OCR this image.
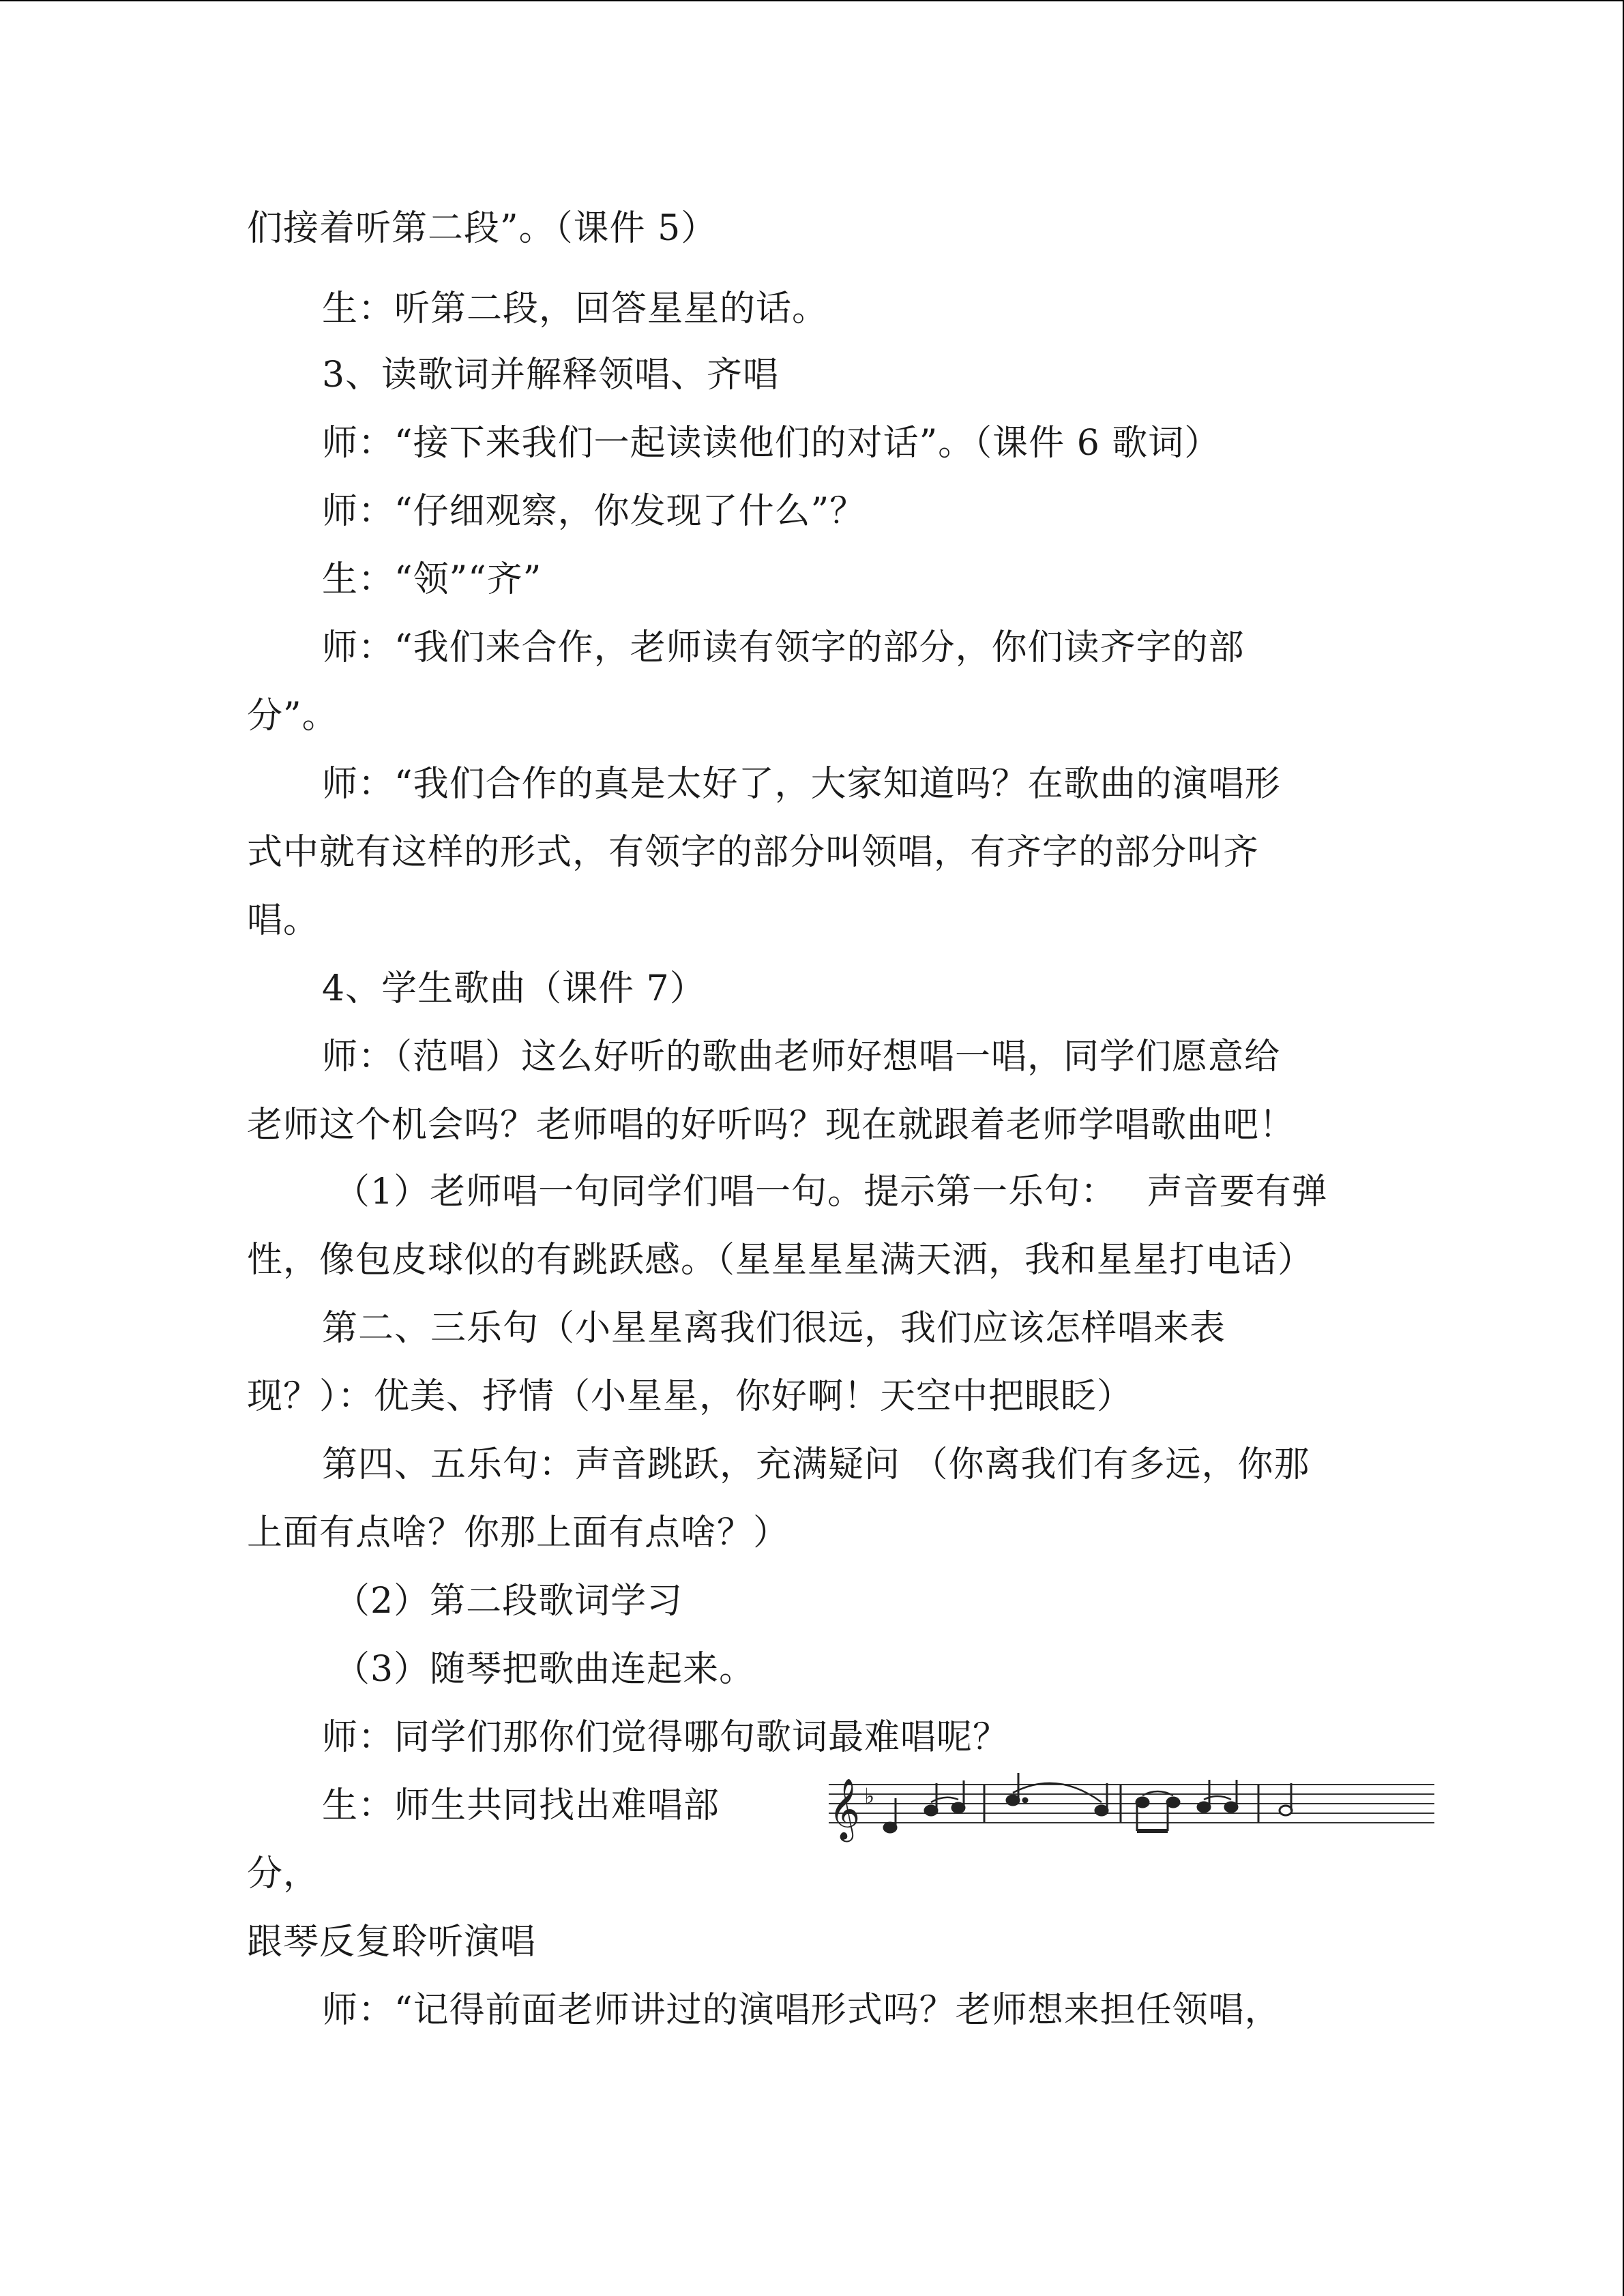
们接着听第二段”。（课件 5）
生：听第二段，回答星星的话。
3、读歌词并解释领唱、齐唱
师：“接下来我们一起读读他们的对话”。（课件 6 歌词）
师：“仔细观察，你发现了什么”？
生：“领”“齐”
师：“我们来合作，老师读有领字的部分，你们读齐字的部
分”。
师：“我们合作的真是太好了，大家知道吗？在歌曲的演唱形
式中就有这样的形式，有领字的部分叫领唱，有齐字的部分叫齐
唱。
4、学生歌曲（课件 7）
师：（范唱）这么好听的歌曲老师好想唱一唱，同学们愿意给
老师这个机会吗？老师唱的好听吗？现在就跟着老师学唱歌曲吧！
（1）老师唱一句同学们唱一句。提示第一乐句：　 声音要有弹
性，像包皮球似的有跳跃感。（星星星星满天洒，我和星星打电话）
第二、三乐句（小星星离我们很远，我们应该怎样唱来表
现？）：优美、抒情（小星星，你好啊！天空中把眼眨）
第四、五乐句：声音跳跃，充满疑问 （你离我们有多远，你那
上面有点啥？你那上面有点啥？）
（2）第二段歌词学习
（3）随琴把歌曲连起来。
师：同学们那你们觉得哪句歌词最难唱呢？
生：师生共同找出难唱部
分，
跟琴反复聆听演唱
师：“记得前面老师讲过的演唱形式吗？老师想来担任领唱，
𝄞 ♭
